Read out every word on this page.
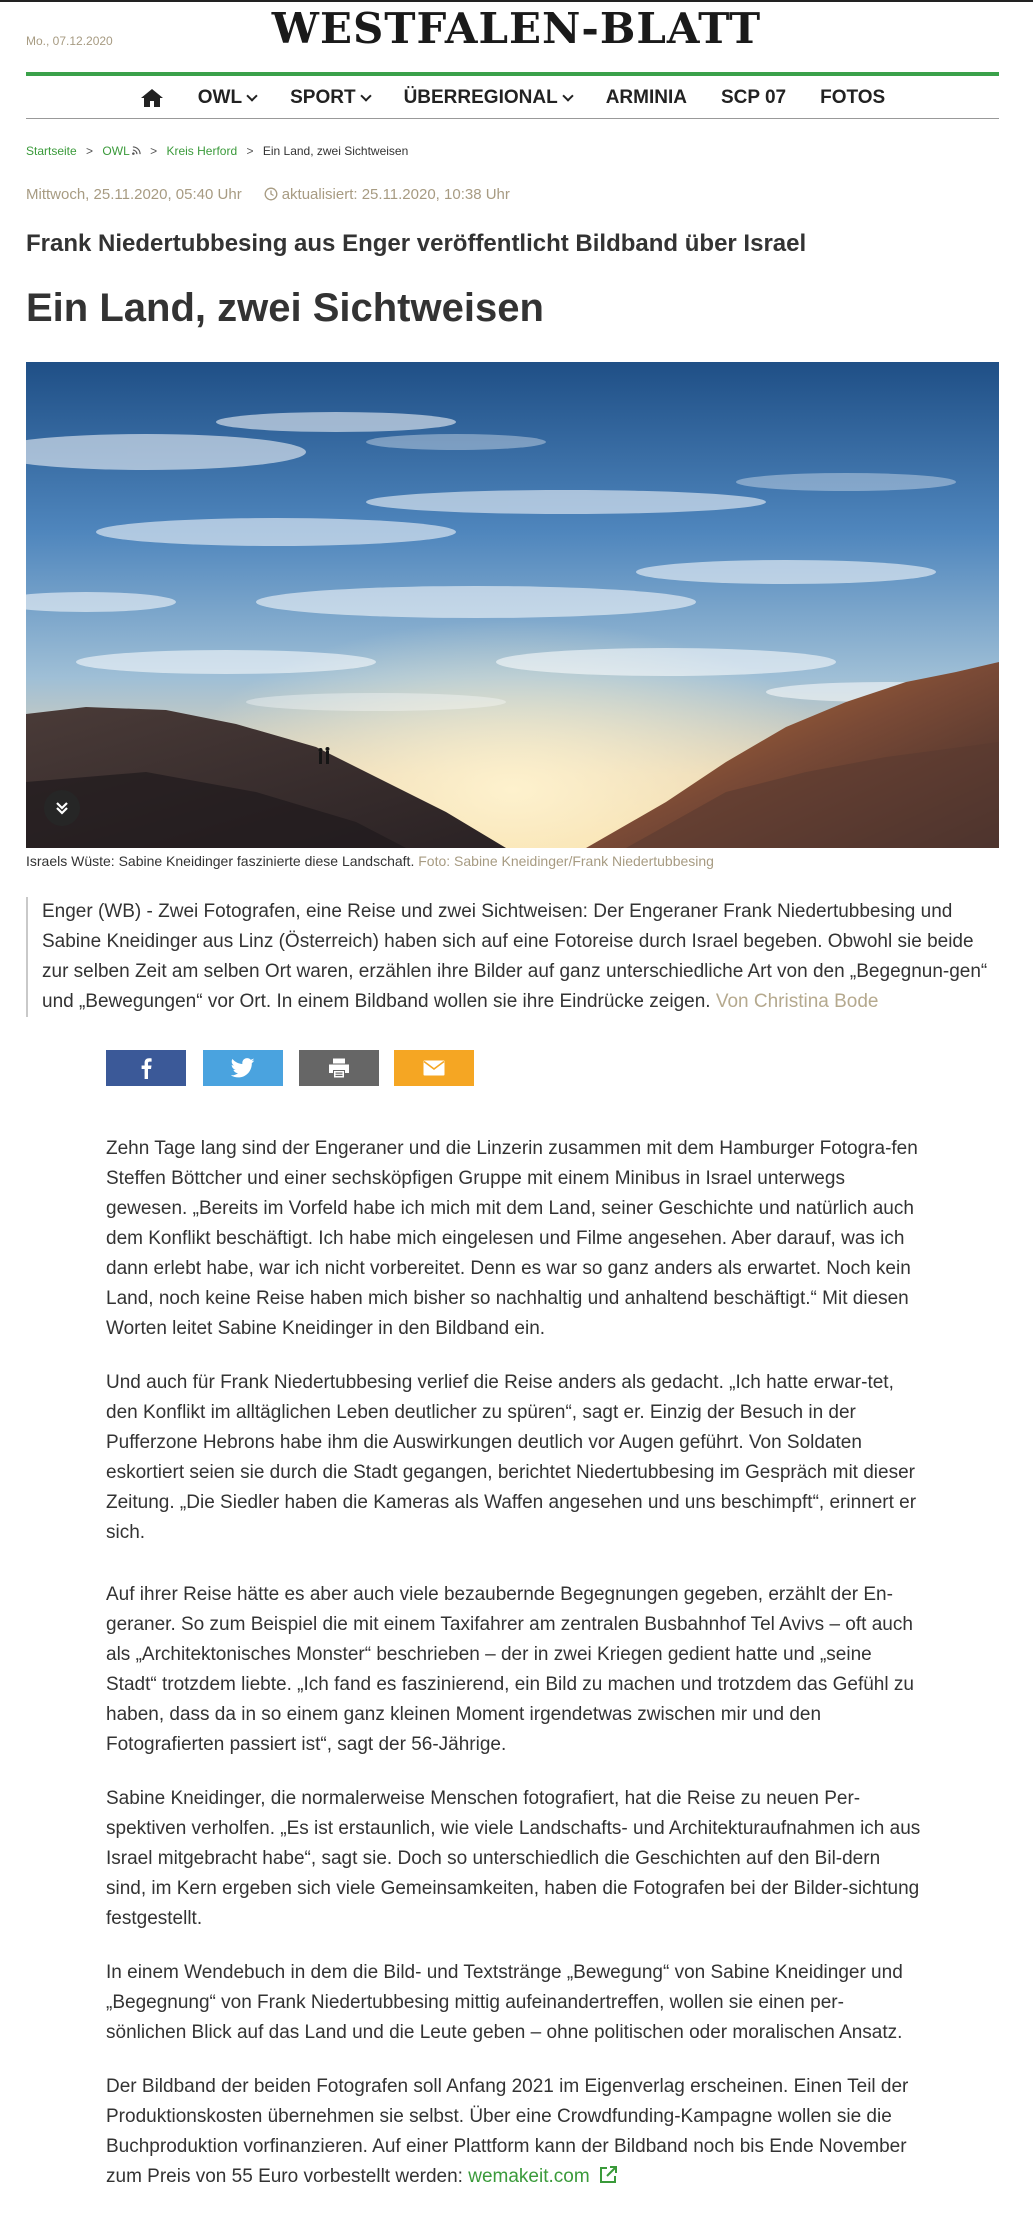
Mo., 07.12.2020	WESTFALEN-BLATT
OWL	SPORT	ÜBERREGIONAL	ARMINIA SCP 07 FOTOS
Startseite > OWL > Kreis Herford > Ein Land, zwei Sichtweisen
Mittwoch, 25.11.2020, 05:40 Uhr	aktualisiert: 25.11.2020, 10:38 Uhr
Frank Niedertubbesing aus Enger veröffentlicht Bildband über Israel
Ein Land, zwei Sichtweisen
Israels Wüste: Sabine Kneidinger faszinierte diese Landschaft. Foto: Sabine Kneidinger/Frank Niedertubbesing
Enger (WB) - Zwei Fotografen, eine Reise und zwei Sichtweisen: Der Engeraner Frank Niedertubbesing und Sabine Kneidinger aus Linz (Österreich) haben sich auf eine Fotoreise durch Israel begeben. Obwohl sie beide zur selben Zeit am selben Ort waren, erzählen ihre Bilder auf ganz unterschiedliche Art von den „Begegnun-gen“ und „Bewegungen“ vor Ort. In einem Bildband wollen sie ihre Eindrücke zeigen. Von Christina Bode

Zehn Tage lang sind der Engeraner und die Linzerin zusammen mit dem Hamburger Fotogra-fen Steffen Böttcher und einer sechsköpfigen Gruppe mit einem Minibus in Israel unterwegs gewesen. „Bereits im Vorfeld habe ich mich mit dem Land, seiner Geschichte und natürlich auch dem Konflikt beschäftigt. Ich habe mich eingelesen und Filme angesehen. Aber darauf, was ich dann erlebt habe, war ich nicht vorbereitet. Denn es war so ganz anders als erwartet. Noch kein Land, noch keine Reise haben mich bisher so nachhaltig und anhaltend beschäftigt.“ Mit diesen Worten leitet Sabine Kneidinger in den Bildband ein.

Und auch für Frank Niedertubbesing verlief die Reise anders als gedacht. „Ich hatte erwar-tet, den Konflikt im alltäglichen Leben deutlicher zu spüren“, sagt er. Einzig der Besuch in der Pufferzone Hebrons habe ihm die Auswirkungen deutlich vor Augen geführt. Von Soldaten eskortiert seien sie durch die Stadt gegangen, berichtet Niedertubbesing im Gespräch mit dieser Zeitung. „Die Siedler haben die Kameras als Waffen angesehen und uns beschimpft“, erinnert er sich.

Auf ihrer Reise hätte es aber auch viele bezaubernde Begegnungen gegeben, erzählt der En-geraner. So zum Beispiel die mit einem Taxifahrer am zentralen Busbahnhof Tel Avivs – oft auch als „Architektonisches Monster“ beschrieben – der in zwei Kriegen gedient hatte und „seine Stadt“ trotzdem liebte. „Ich fand es faszinierend, ein Bild zu machen und trotzdem das Gefühl zu haben, dass da in so einem ganz kleinen Moment irgendetwas zwischen mir und den Fotografierten passiert ist“, sagt der 56-Jährige.

Sabine Kneidinger, die normalerweise Menschen fotografiert, hat die Reise zu neuen Per-spektiven verholfen. „Es ist erstaunlich, wie viele Landschafts- und Architekturaufnahmen ich aus Israel mitgebracht habe“, sagt sie. Doch so unterschiedlich die Geschichten auf den Bil-dern sind, im Kern ergeben sich viele Gemeinsamkeiten, haben die Fotografen bei der Bilder-sichtung festgestellt.

In einem Wendebuch in dem die Bild- und Textstränge „Bewegung“ von Sabine Kneidinger und „Begegnung“ von Frank Niedertubbesing mittig aufeinandertreffen, wollen sie einen per-sönlichen Blick auf das Land und die Leute geben – ohne politischen oder moralischen Ansatz.

Der Bildband der beiden Fotografen soll Anfang 2021 im Eigenverlag erscheinen. Einen Teil der Produktionskosten übernehmen sie selbst. Über eine Crowdfunding-Kampagne wollen sie die Buchproduktion vorfinanzieren. Auf einer Plattform kann der Bildband noch bis Ende November zum Preis von 55 Euro vorbestellt werden: wemakeit.com
